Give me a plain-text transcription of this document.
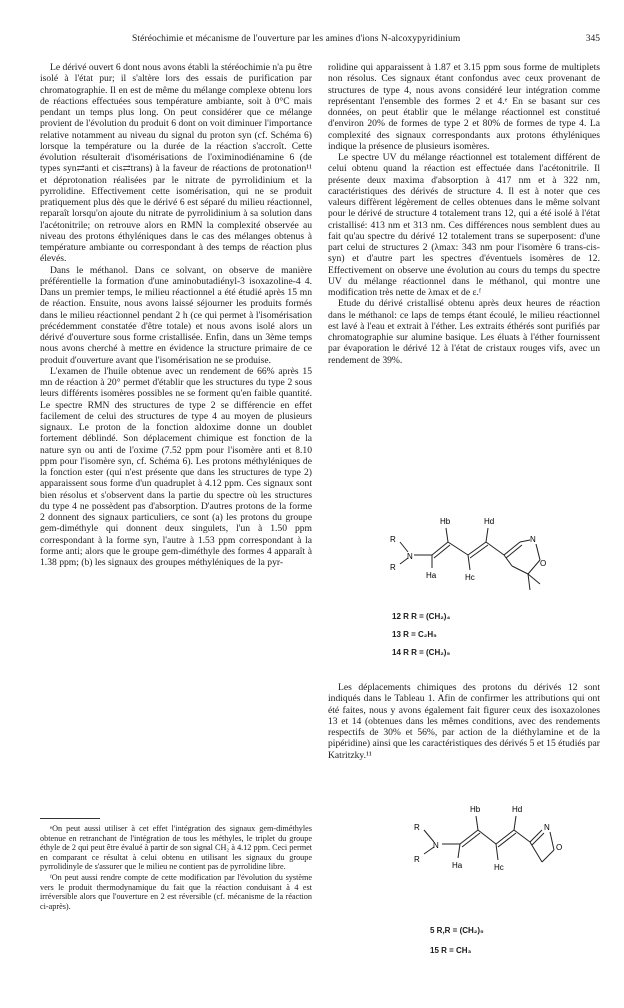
Stéréochimie et mécanisme de l'ouverture par les amines d'ions N-alcoxypyridinium	345

Le dérivé ouvert 6 dont nous avons établi la stéréochimie n'a pu être isolé à l'état pur; il s'altère lors des essais de purification par chromatographie. Il en est de même du mélange complexe obtenu lors de réactions effectuées sous température ambiante, soit à 0°C mais pendant un temps plus long. On peut considérer que ce mélange provient de l'évolution du produit 6 dont on voit diminuer l'importance relative notamment au niveau du signal du proton syn (cf. Schéma 6) lorsque la température ou la durée de la réaction s'accroît. Cette évolution résulterait d'isomérisations de l'oximinodiénamine 6 (de types syn⇄anti et cis⇄trans) à la faveur de réactions de protonation¹¹ et déprotonation réalisées par le nitrate de pyrrolidinium et la pyrrolidine. Effectivement cette isomérisation, qui ne se produit pratiquement plus dès que le dérivé 6 est séparé du milieu réactionnel, reparaît lorsqu'on ajoute du nitrate de pyrrolidinium à sa solution dans l'acétonitrile; on retrouve alors en RMN la complexité observée au niveau des protons éthyléniques dans le cas des mélanges obtenus à température ambiante ou correspondant à des temps de réaction plus élevés.

Dans le méthanol. Dans ce solvant, on observe de manière préférentielle la formation d'une aminobutadiényl-3 isoxazoline-4 4. Dans un premier temps, le milieu réactionnel a été étudié après 15 mn de réaction. Ensuite, nous avons laissé séjourner les produits formés dans le milieu réactionnel pendant 2 h (ce qui permet à l'isomérisation précédemment constatée d'être totale) et nous avons isolé alors un dérivé d'ouverture sous forme cristallisée. Enfin, dans un 3ème temps nous avons cherché à mettre en évidence la structure primaire de ce produit d'ouverture avant que l'isomérisation ne se produise.

L'examen de l'huile obtenue avec un rendement de 66% après 15 mn de réaction à 20° permet d'établir que les structures du type 2 sous leurs différents isomères possibles ne se forment qu'en faible quantité. Le spectre RMN des structures de type 2 se différencie en effet facilement de celui des structures de type 4 au moyen de plusieurs signaux. Le proton de la fonction aldoxime donne un doublet fortement déblindé. Son déplacement chimique est fonction de la nature syn ou anti de l'oxime (7.52 ppm pour l'isomère anti et 8.10 ppm pour l'isomère syn, cf. Schéma 6). Les protons méthyléniques de la fonction ester (qui n'est présente que dans les structures de type 2) apparaissent sous forme d'un quadruplet à 4.12 ppm. Ces signaux sont bien résolus et s'observent dans la partie du spectre où les structures du type 4 ne possèdent pas d'absorption. D'autres protons de la forme 2 donnent des signaux particuliers, ce sont (a) les protons du groupe gem-diméthyle qui donnent deux singulets, l'un à 1.50 ppm correspondant à la forme syn, l'autre à 1.53 ppm correspondant à la forme anti; alors que le groupe gem-diméthyle des formes 4 apparaît à 1.38 ppm; (b) les signaux des groupes méthyléniques de la pyr-

ᵉOn peut aussi utiliser à cet effet l'intégration des signaux gem-diméthyles obtenue en retranchant de l'intégration de tous les méthyles, le triplet du groupe éthyle de 2 qui peut être évalué à partir de son signal CH₂ à 4.12 ppm. Ceci permet en comparant ce résultat à celui obtenu en utilisant les signaux du groupe pyrrolidinyle de s'assurer que le milieu ne contient pas de pyrrolidine libre.

ᶠOn peut aussi rendre compte de cette modification par l'évolution du système vers le produit thermodynamique du fait que la réaction conduisant à 4 est irréversible alors que l'ouverture en 2 est réversible (cf. mécanisme de la réaction ci-après).

rolidine qui apparaissent à 1.87 et 3.15 ppm sous forme de multiplets non résolus. Ces signaux étant confondus avec ceux provenant de structures de type 4, nous avons considéré leur intégration comme représentant l'ensemble des formes 2 et 4.ᵉ En se basant sur ces données, on peut établir que le mélange réactionnel est constitué d'environ 20% de formes de type 2 et 80% de formes de type 4. La complexité des signaux correspondants aux protons éthyléniques indique la présence de plusieurs isomères.

Le spectre UV du mélange réactionnel est totalement différent de celui obtenu quand la réaction est effectuée dans l'acétonitrile. Il présente deux maxima d'absorption à 417 nm et à 322 nm, caractéristiques des dérivés de structure 4. Il est à noter que ces valeurs diffèrent légèrement de celles obtenues dans le même solvant pour le dérivé de structure 4 totalement trans 12, qui a été isolé à l'état cristallisé: 413 nm et 313 nm. Ces différences nous semblent dues au fait qu'au spectre du dérivé 12 totalement trans se superposent: d'une part celui de structures 2 (λmax: 343 nm pour l'isomère 6 trans-cis-syn) et d'autre part les spectres d'éventuels isomères de 12. Effectivement on observe une évolution au cours du temps du spectre UV du mélange réactionnel dans le méthanol, qui montre une modification très nette de λmax et de ε.ᶠ

Etude du dérivé cristallisé obtenu après deux heures de réaction dans le méthanol: ce laps de temps étant écoulé, le milieu réactionnel est lavé à l'eau et extrait à l'éther. Les extraits éthérés sont purifiés par chromatographie sur alumine basique. Les éluats à l'éther fournissent par évaporation le dérivé 12 à l'état de cristaux rouges vifs, avec un rendement de 39%.

R
R
N
Hb	Hd
Ha	Hc
N
O
12 R R = (CH₂)₄
13 R = C₂H₅
14 R R = (CH₂)₅

Les déplacements chimiques des protons du dérivés 12 sont indiqués dans le Tableau 1. Afin de confirmer les attributions qui ont été faites, nous y avons également fait figurer ceux des isoxazolones 13 et 14 (obtenues dans les mêmes conditions, avec des rendements respectifs de 30% et 56%, par action de la diéthylamine et de la pipéridine) ainsi que les caractéristiques des dérivés 5 et 15 étudiés par Katritzky.¹¹

R
R
N
Hb	Hd
Ha	Hc
N
O
5 R,R = (CH₂)₅
15 R = CH₃
